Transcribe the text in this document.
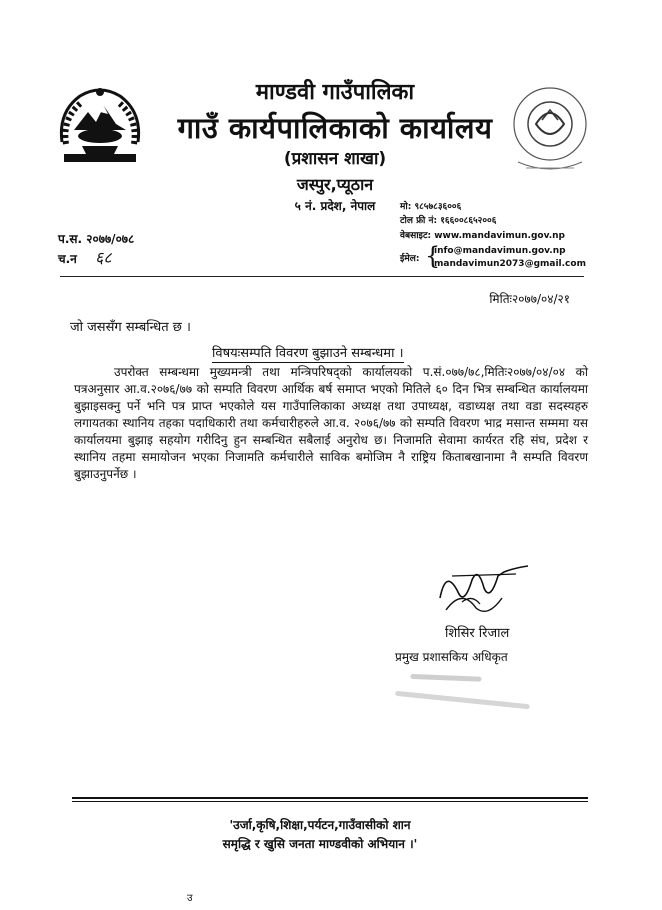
माण्डवी गाउँपालिका
गाउँ कार्यपालिकाको कार्यालय
(प्रशासन शाखा)
जस्पुर,प्यूठान
५ नं. प्रदेश, नेपाल	मो: ९८५७८३६००६
टोल फ्री नं: १६६००८६५२००६
वेबसाइट: www.mandavimun.gov.np
ईमेल: {
info@mandavimun.gov.np
mandavimun2073@gmail.com
प.स. २०७७/०७८
च.न ६८
मितिः२०७७/०४/२१
जो जससँग सम्बन्धित छ ।
विषयःसम्पति विवरण बुझाउने सम्बन्धमा ।
उपरोक्त सम्बन्धमा मुख्यमन्त्री तथा मन्त्रिपरिषद्को कार्यालयको प.सं.०७७/७८,मितिः२०७७/०४/०४ को पत्रअनुसार आ.व.२०७६/७७ को सम्पति विवरण आर्थिक बर्ष समाप्त भएको मितिले ६० दिन भित्र सम्बन्धित कार्यालयमा बुझाइसक्नु पर्ने भनि पत्र प्राप्त भएकोले यस गाउँपालिकाका अध्यक्ष तथा उपाध्यक्ष, वडाध्यक्ष तथा वडा सदस्यहरु लगायतका स्थानिय तहका पदाधिकारी तथा कर्मचारीहरुले आ.व. २०७६/७७ को सम्पति विवरण भाद्र मसान्त सम्ममा यस कार्यालयमा बुझाइ सहयोग गरीदिनु हुन सम्बन्धित सबैलाई अनुरोध छ। निजामति सेवामा कार्यरत रहि संघ, प्रदेश र स्थानिय तहमा समायोजन भएका निजामति कर्मचारीले साविक बमोजिम नै राष्ट्रिय किताबखानामा नै सम्पति विवरण बुझाउनुपर्नेछ ।
शिसिर रिजाल
प्रमुख प्रशासकिय अधिकृत
'उर्जा,कृषि,शिक्षा,पर्यटन,गाउँवासीको शान
समृद्धि र खुसि जनता माण्डवीको अभियान ।'
उ
